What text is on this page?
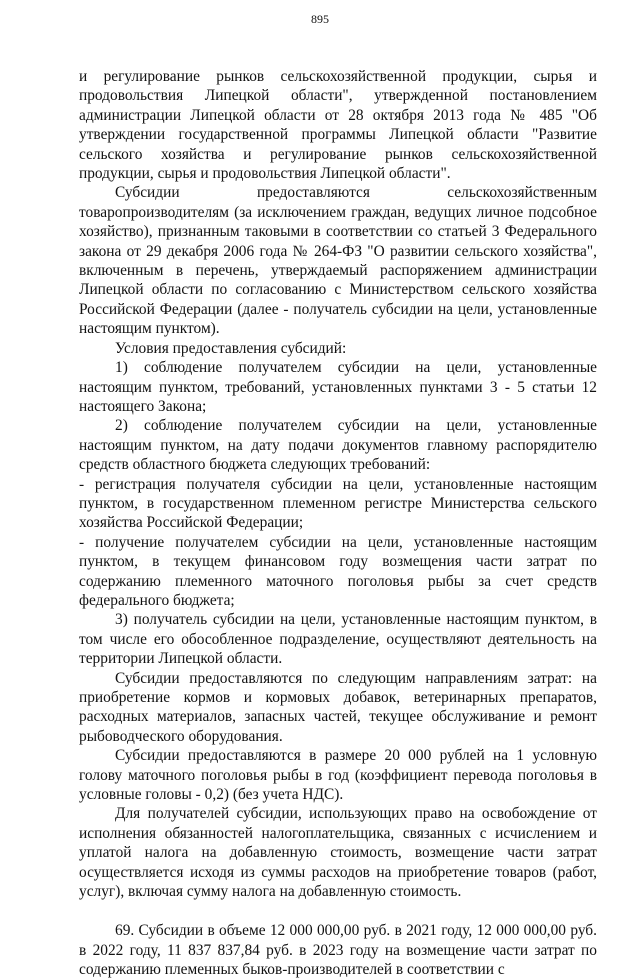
895

и регулирование рынков сельскохозяйственной продукции, сырья и продовольствия Липецкой области", утвержденной постановлением администрации Липецкой области от 28 октября 2013 года № 485 "Об утверждении государственной программы Липецкой области "Развитие сельского хозяйства и регулирование рынков сельскохозяйственной продукции, сырья и продовольствия Липецкой области".

Субсидии предоставляются сельскохозяйственным товаропроизводителям (за исключением граждан, ведущих личное подсобное хозяйство), признанным таковыми в соответствии со статьей 3 Федерального закона от 29 декабря 2006 года № 264-ФЗ "О развитии сельского хозяйства", включенным в перечень, утверждаемый распоряжением администрации Липецкой области по согласованию с Министерством сельского хозяйства Российской Федерации (далее - получатель субсидии на цели, установленные настоящим пунктом).

Условия предоставления субсидий:

1) соблюдение получателем субсидии на цели, установленные настоящим пунктом, требований, установленных пунктами 3 - 5 статьи 12 настоящего Закона;

2) соблюдение получателем субсидии на цели, установленные настоящим пунктом, на дату подачи документов главному распорядителю средств областного бюджета следующих требований:

- регистрация получателя субсидии на цели, установленные настоящим пунктом, в государственном племенном регистре Министерства сельского хозяйства Российской Федерации;

- получение получателем субсидии на цели, установленные настоящим пунктом, в текущем финансовом году возмещения части затрат по содержанию племенного маточного поголовья рыбы за счет средств федерального бюджета;

3) получатель субсидии на цели, установленные настоящим пунктом, в том числе его обособленное подразделение, осуществляют деятельность на территории Липецкой области.

Субсидии предоставляются по следующим направлениям затрат: на приобретение кормов и кормовых добавок, ветеринарных препаратов, расходных материалов, запасных частей, текущее обслуживание и ремонт рыбоводческого оборудования.

Субсидии предоставляются в размере 20 000 рублей на 1 условную голову маточного поголовья рыбы в год (коэффициент перевода поголовья в условные головы - 0,2) (без учета НДС).

Для получателей субсидии, использующих право на освобождение от исполнения обязанностей налогоплательщика, связанных с исчислением и уплатой налога на добавленную стоимость, возмещение части затрат осуществляется исходя из суммы расходов на приобретение товаров (работ, услуг), включая сумму налога на добавленную стоимость.

69. Субсидии в объеме 12 000 000,00 руб. в 2021 году, 12 000 000,00 руб. в 2022 году, 11 837 837,84 руб. в 2023 году на возмещение части затрат по содержанию племенных быков-производителей в соответствии с
